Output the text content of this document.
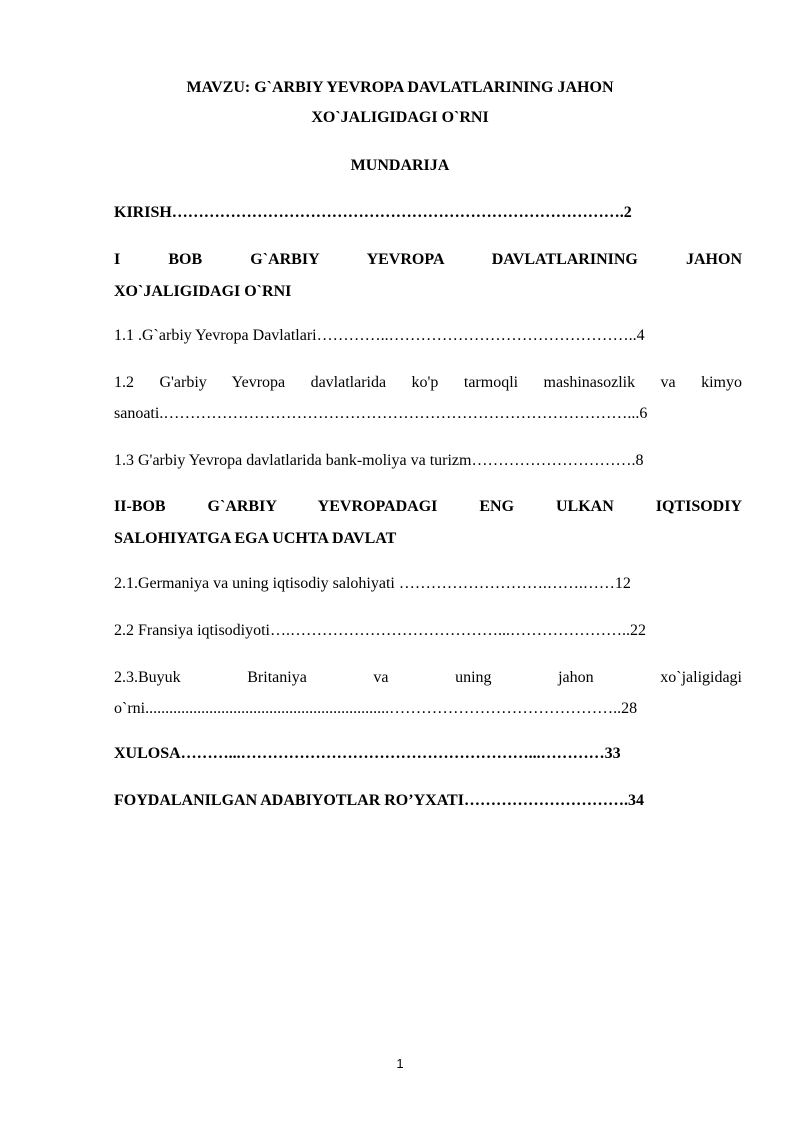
MAVZU: G`ARBIY YEVROPA DAVLATLARINING JAHON
XO`JALIGIDAGI O`RNI
MUNDARIJA
KIRISH………………………………………………………………………….2
I BOB G`ARBIY YEVROPA DAVLATLARINING JAHON
XO`JALIGIDAGI O`RNI
1.1 .G`arbiy Yevropa Davlatlari…………..………………………………………..4
1.2 G'arbiy Yevropa davlatlarida ko'p tarmoqli mashinasozlik va kimyo
sanoati.……………………………………………………………………………...6
1.3 G'arbiy Yevropa davlatlarida bank-moliya va turizm………………………….8
II-BOB G`ARBIY YEVROPADAGI ENG ULKAN IQTISODIY
SALOHIYATGA EGA UCHTA DAVLAT
2.1.Germaniya va uning iqtisodiy salohiyati ……………………….…….……12
2.2 Fransiya iqtisodiyoti….…………………………………...…………………..22
2.3.Buyuk Britaniya va uning jahon xo`jaligidagi
o`rni.............................................................……………………………………..28
XULOSA………...………………………………………………...…………33
FOYDALANILGAN ADABIYOTLAR RO’YXATI………………………….34
1
